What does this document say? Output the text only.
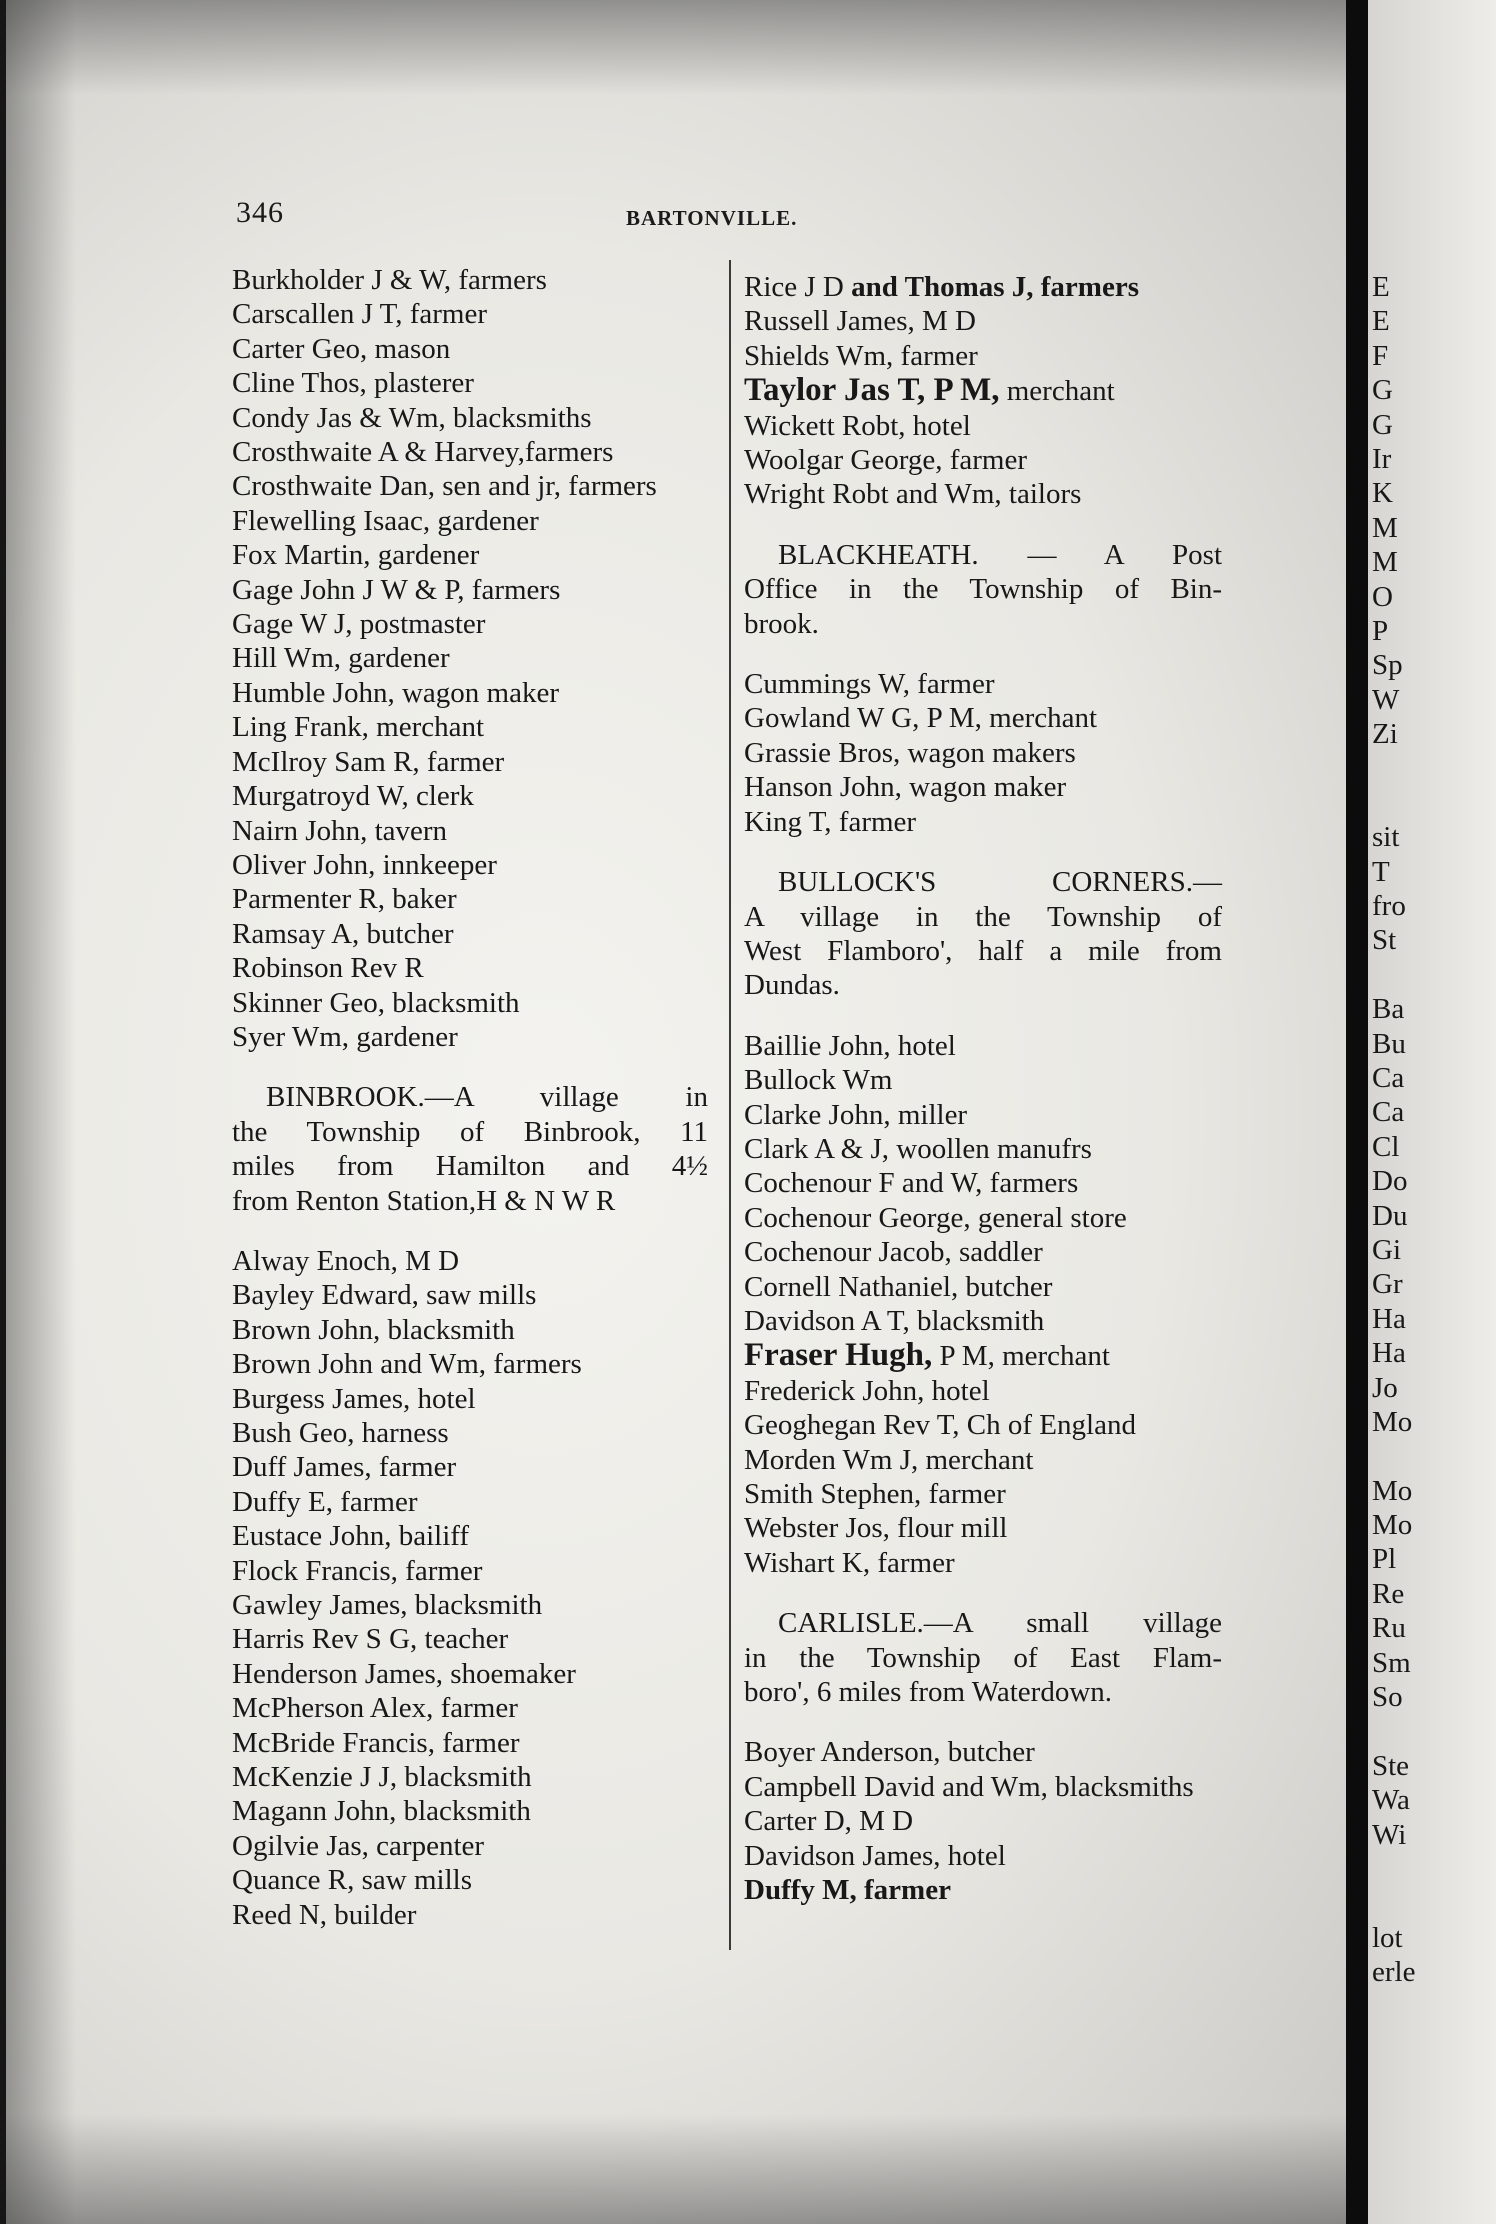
346	BARTONVILLE.
Burkholder J & W, farmers
Carscallen J T, farmer
Carter Geo, mason
Cline Thos, plasterer
Condy Jas & Wm, blacksmiths
Crosthwaite A & Harvey,farmers
Crosthwaite Dan, sen and jr, farmers
Flewelling Isaac, gardener
Fox Martin, gardener
Gage John J W & P, farmers
Gage W J, postmaster
Hill Wm, gardener
Humble John, wagon maker
Ling Frank, merchant
McIlroy Sam R, farmer
Murgatroyd W, clerk
Nairn John, tavern
Oliver John, innkeeper
Parmenter R, baker
Ramsay A, butcher
Robinson Rev R
Skinner Geo, blacksmith
Syer Wm, gardener
BINBROOK.—A village in
the Township of Binbrook, 11
miles from Hamilton and 4½
from Renton Station,H & N W R
Alway Enoch, M D
Bayley Edward, saw mills
Brown John, blacksmith
Brown John and Wm, farmers
Burgess James, hotel
Bush Geo, harness
Duff James, farmer
Duffy E, farmer
Eustace John, bailiff
Flock Francis, farmer
Gawley James, blacksmith
Harris Rev S G, teacher
Henderson James, shoemaker
McPherson Alex, farmer
McBride Francis, farmer
McKenzie J J, blacksmith
Magann John, blacksmith
Ogilvie Jas, carpenter
Quance R, saw mills
Reed N, builder
Rice J D and Thomas J, farmers
Russell James, M D
Shields Wm, farmer
Taylor Jas T, P M, merchant
Wickett Robt, hotel
Woolgar George, farmer
Wright Robt and Wm, tailors
BLACKHEATH. — A Post
Office in the Township of Bin-
brook.
Cummings W, farmer
Gowland W G, P M, merchant
Grassie Bros, wagon makers
Hanson John, wagon maker
King T, farmer
BULLOCK'S CORNERS.—
A village in the Township of
West Flamboro', half a mile from
Dundas.
Baillie John, hotel
Bullock Wm
Clarke John, miller
Clark A & J, woollen manufrs
Cochenour F and W, farmers
Cochenour George, general store
Cochenour Jacob, saddler
Cornell Nathaniel, butcher
Davidson A T, blacksmith
Fraser Hugh, P M, merchant
Frederick John, hotel
Geoghegan Rev T, Ch of England
Morden Wm J, merchant
Smith Stephen, farmer
Webster Jos, flour mill
Wishart K, farmer
CARLISLE.—A small village
in the Township of East Flam-
boro', 6 miles from Waterdown.
Boyer Anderson, butcher
Campbell David and Wm, blacksmiths
Carter D, M D
Davidson James, hotel
Duffy M, farmer
E
E
F
G
G
Ir
K
M
M
O
P
Sp
W
Zi
sit
T
fro
St
Ba
Bu
Ca
Ca
Cl
Do
Du
Gi
Gr
Ha
Ha
Jo
Mo
Mo
Mo
Pl
Re
Ru
Sm
So
Ste
Wa
Wi
lot
erle
